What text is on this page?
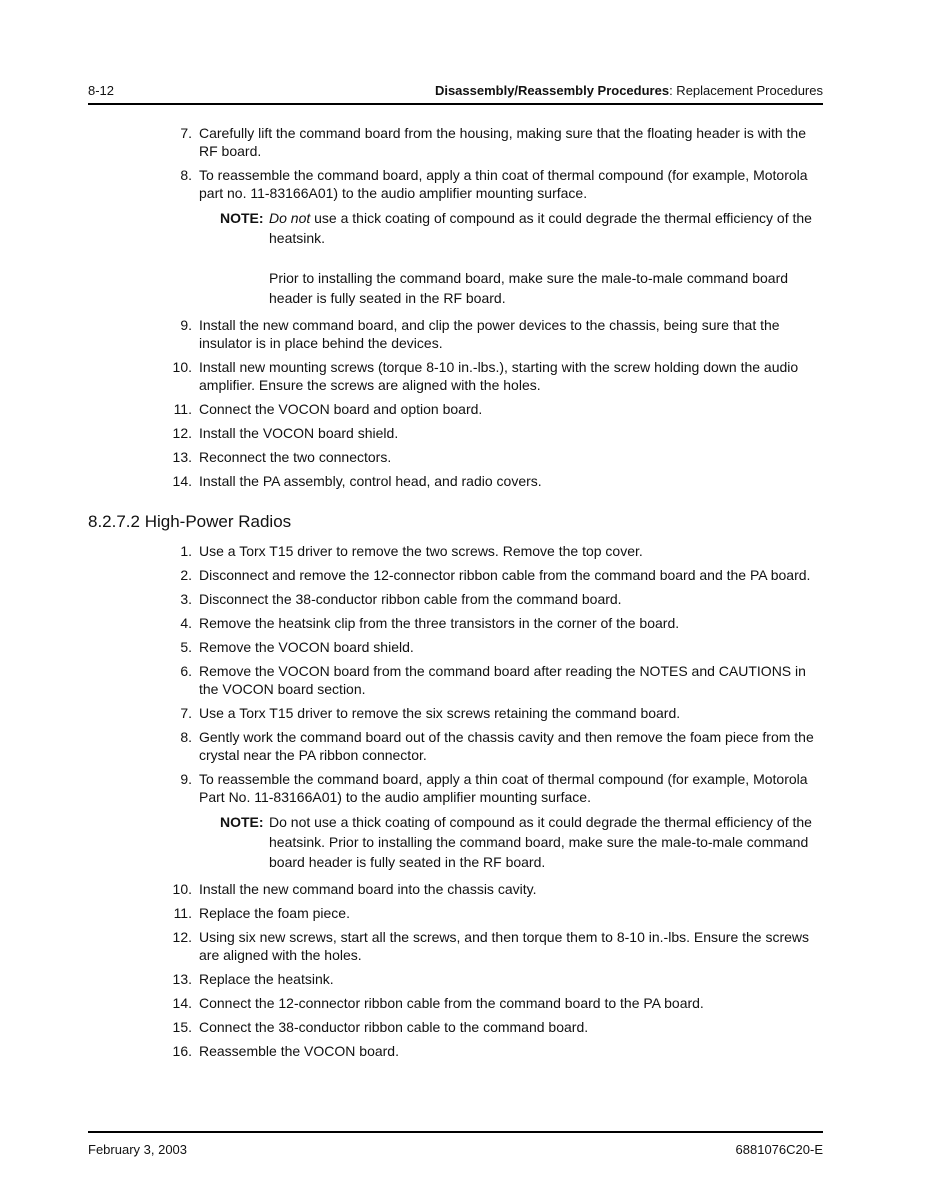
8-12	Disassembly/Reassembly Procedures: Replacement Procedures
7. Carefully lift the command board from the housing, making sure that the floating header is with the RF board.
8. To reassemble the command board, apply a thin coat of thermal compound (for example, Motorola part no. 11-83166A01) to the audio amplifier mounting surface.
NOTE: Do not use a thick coating of compound as it could degrade the thermal efficiency of the heatsink.
Prior to installing the command board, make sure the male-to-male command board header is fully seated in the RF board.
9. Install the new command board, and clip the power devices to the chassis, being sure that the insulator is in place behind the devices.
10. Install new mounting screws (torque 8-10 in.-lbs.), starting with the screw holding down the audio amplifier. Ensure the screws are aligned with the holes.
11. Connect the VOCON board and option board.
12. Install the VOCON board shield.
13. Reconnect the two connectors.
14. Install the PA assembly, control head, and radio covers.
8.2.7.2 High-Power Radios
1. Use a Torx T15 driver to remove the two screws. Remove the top cover.
2. Disconnect and remove the 12-connector ribbon cable from the command board and the PA board.
3. Disconnect the 38-conductor ribbon cable from the command board.
4. Remove the heatsink clip from the three transistors in the corner of the board.
5. Remove the VOCON board shield.
6. Remove the VOCON board from the command board after reading the NOTES and CAUTIONS in the VOCON board section.
7. Use a Torx T15 driver to remove the six screws retaining the command board.
8. Gently work the command board out of the chassis cavity and then remove the foam piece from the crystal near the PA ribbon connector.
9. To reassemble the command board, apply a thin coat of thermal compound (for example, Motorola Part No. 11-83166A01) to the audio amplifier mounting surface.
NOTE: Do not use a thick coating of compound as it could degrade the thermal efficiency of the heatsink. Prior to installing the command board, make sure the male-to-male command board header is fully seated in the RF board.
10. Install the new command board into the chassis cavity.
11. Replace the foam piece.
12. Using six new screws, start all the screws, and then torque them to 8-10 in.-lbs. Ensure the screws are aligned with the holes.
13. Replace the heatsink.
14. Connect the 12-connector ribbon cable from the command board to the PA board.
15. Connect the 38-conductor ribbon cable to the command board.
16. Reassemble the VOCON board.
February 3, 2003	6881076C20-E
